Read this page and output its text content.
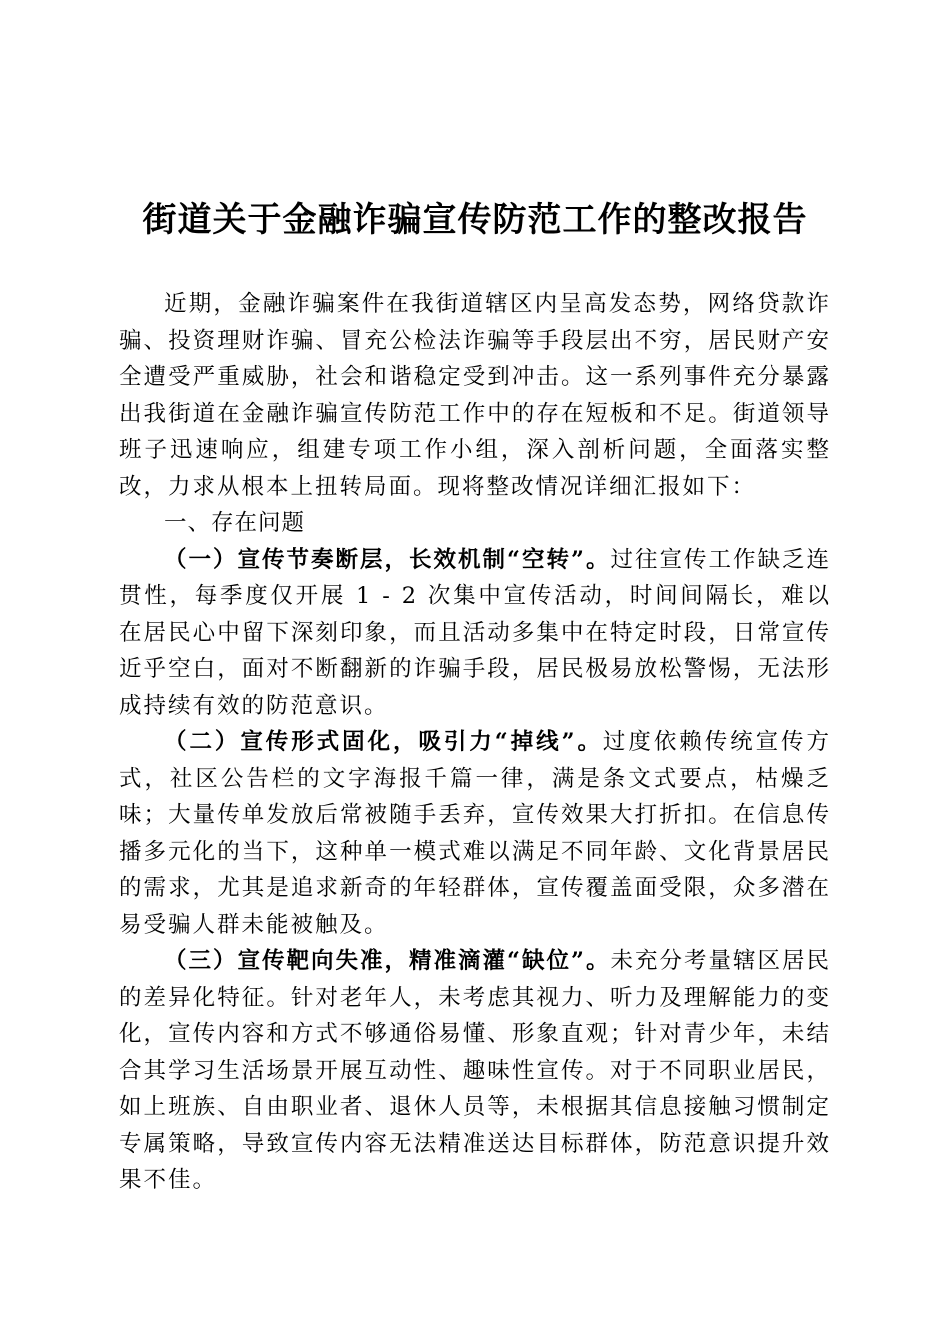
街道关于金融诈骗宣传防范工作的整改报告

近期，金融诈骗案件在我街道辖区内呈高发态势，网络贷款诈骗、投资理财诈骗、冒充公检法诈骗等手段层出不穷，居民财产安全遭受严重威胁，社会和谐稳定受到冲击。这一系列事件充分暴露出我街道在金融诈骗宣传防范工作中的存在短板和不足。街道领导班子迅速响应，组建专项工作小组，深入剖析问题，全面落实整改，力求从根本上扭转局面。现将整改情况详细汇报如下：

一、存在问题

（一）宣传节奏断层，长效机制“空转”。过往宣传工作缺乏连贯性，每季度仅开展 1 - 2 次集中宣传活动，时间间隔长，难以在居民心中留下深刻印象，而且活动多集中在特定时段，日常宣传近乎空白，面对不断翻新的诈骗手段，居民极易放松警惕，无法形成持续有效的防范意识。

（二）宣传形式固化，吸引力“掉线”。过度依赖传统宣传方式，社区公告栏的文字海报千篇一律，满是条文式要点，枯燥乏味；大量传单发放后常被随手丢弃，宣传效果大打折扣。在信息传播多元化的当下，这种单一模式难以满足不同年龄、文化背景居民的需求，尤其是追求新奇的年轻群体，宣传覆盖面受限，众多潜在易受骗人群未能被触及。

（三）宣传靶向失准，精准滴灌“缺位”。未充分考量辖区居民的差异化特征。针对老年人，未考虑其视力、听力及理解能力的变化，宣传内容和方式不够通俗易懂、形象直观；针对青少年，未结合其学习生活场景开展互动性、趣味性宣传。对于不同职业居民，如上班族、自由职业者、退休人员等，未根据其信息接触习惯制定专属策略，导致宣传内容无法精准送达目标群体，防范意识提升效果不佳。
